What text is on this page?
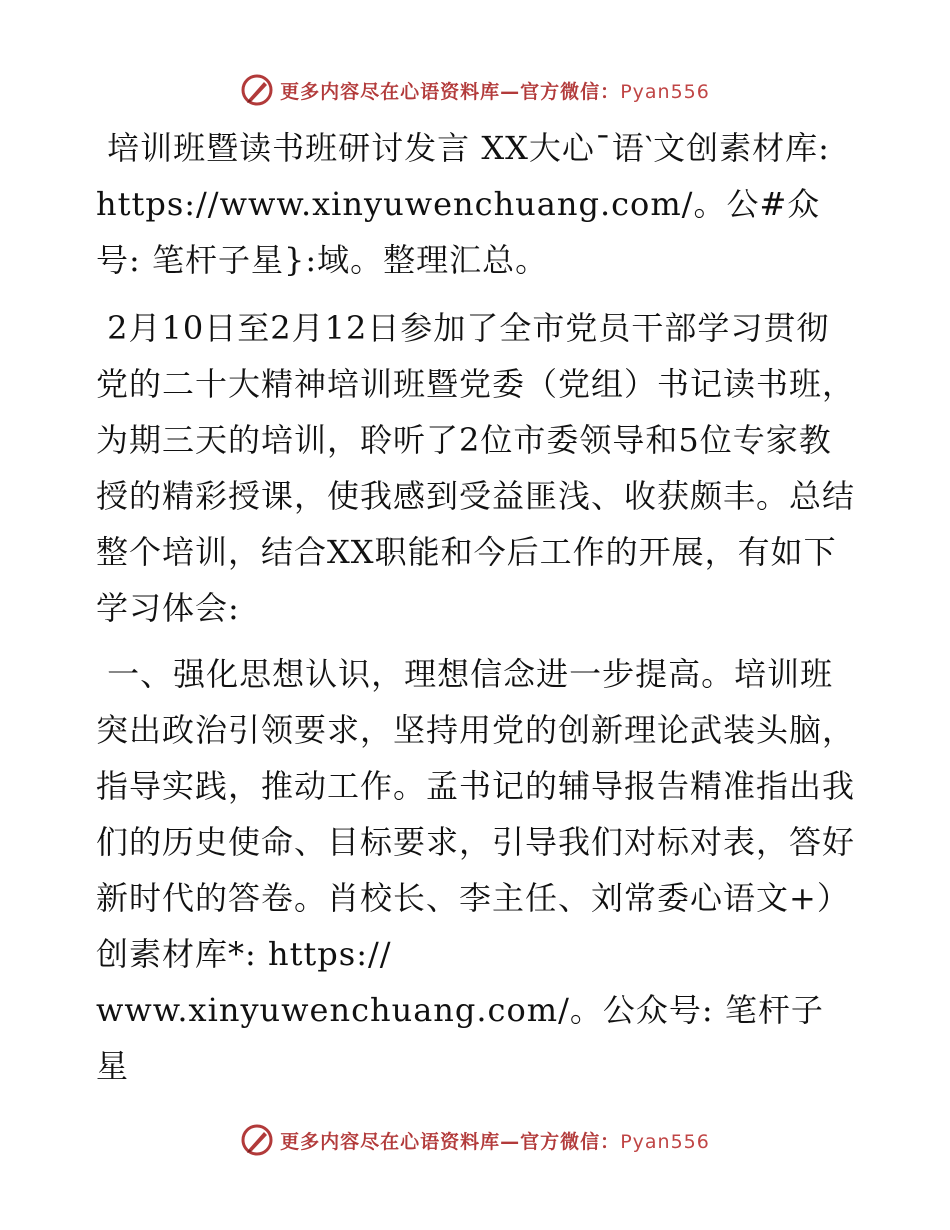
更多内容尽在心语资料库—官方微信：Pyan556

培训班暨读书班研讨发言 XX大心¯语‵文创素材库: https://www.xinyuwenchuang.com/。公#众号: 笔杆子星}:域。整理汇总。

2月10日至2月12日参加了全市党员干部学习贯彻党的二十大精神培训班暨党委（党组）书记读书班，为期三天的培训，聆听了2位市委领导和5位专家教授的精彩授课，使我感到受益匪浅、收获颇丰。总结整个培训，结合XX职能和今后工作的开展，有如下学习体会:

一、强化思想认识，理想信念进一步提高。培训班突出政治引领要求，坚持用党的创新理论武装头脑，指导实践，推动工作。孟书记的辅导报告精准指出我们的历史使命、目标要求，引导我们对标对表，答好新时代的答卷。肖校长、李主任、刘常委心语文+）创素材库*: https://
www.xinyuwenchuang.com/。公众号: 笔杆子星

更多内容尽在心语资料库—官方微信：Pyan556
